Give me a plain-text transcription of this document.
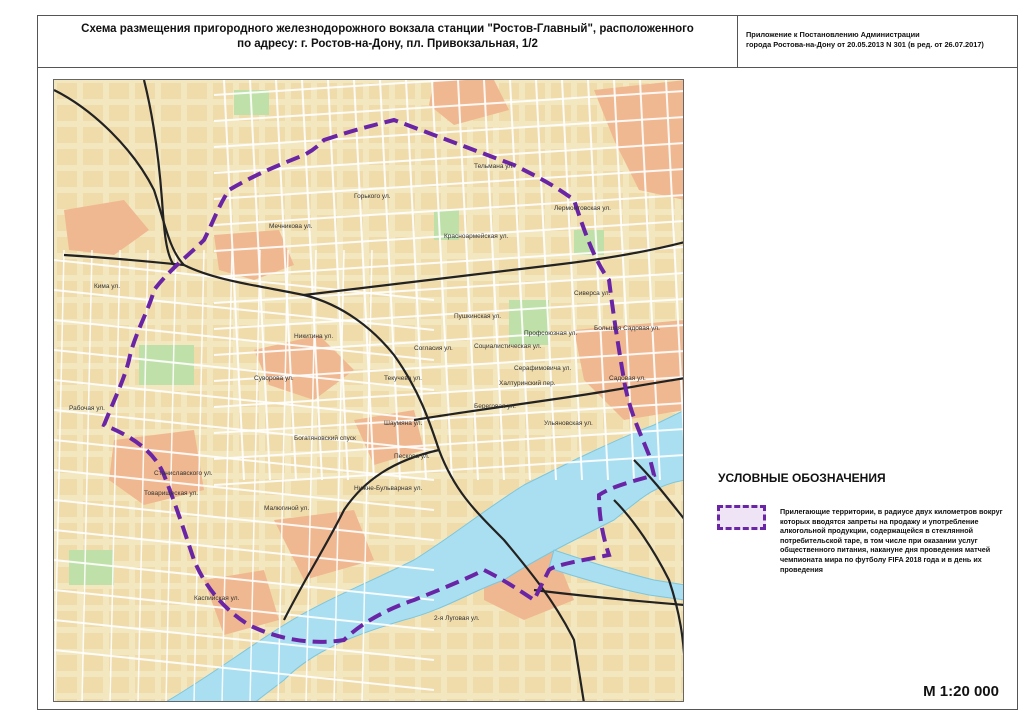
Схема размещения пригородного железнодорожного вокзала станции "Ростов-Главный", расположенного
по адресу: г. Ростов-на-Дону, пл. Привокзальная, 1/2
Приложение к Постановлению Администрации
города Ростова-на-Дону от 20.05.2013 N 301 (в ред. от 26.07.2017)
Красноармейская ул.
Пушкинская ул.
Социалистическая ул.
Мечникова ул.
Сиверса ул.
Никитина ул.
Текучева ул.
Тельмана ул.
Горького ул.
Пескова ул.
Береговая ул.
Ульяновская ул.
Садовая ул.
2-я Луговая ул.
Рабочая ул.
Станиславского ул.
Товарищеская ул.
Серафимовича ул.
Лермонтовская ул.
Шаумяна ул.
Нижне-Бульварная ул.
Малюгиной ул.
Богатяновский спуск
Суворова ул.
Согласия ул.
Профсоюзная ул.
Халтуринский пер.
Большая Садовая ул.
Кима ул.
Каспийская ул.
УСЛОВНЫЕ ОБОЗНАЧЕНИЯ
Прилегающие территории, в радиусе двух километров вокруг которых вводятся запреты на продажу и употребление алкогольной продукции, содержащейся в стеклянной потребительской таре, в том числе при оказании услуг общественного питания, накануне дня проведения матчей чемпионата мира по футболу FIFA 2018 года и в день их проведения
М 1:20 000
